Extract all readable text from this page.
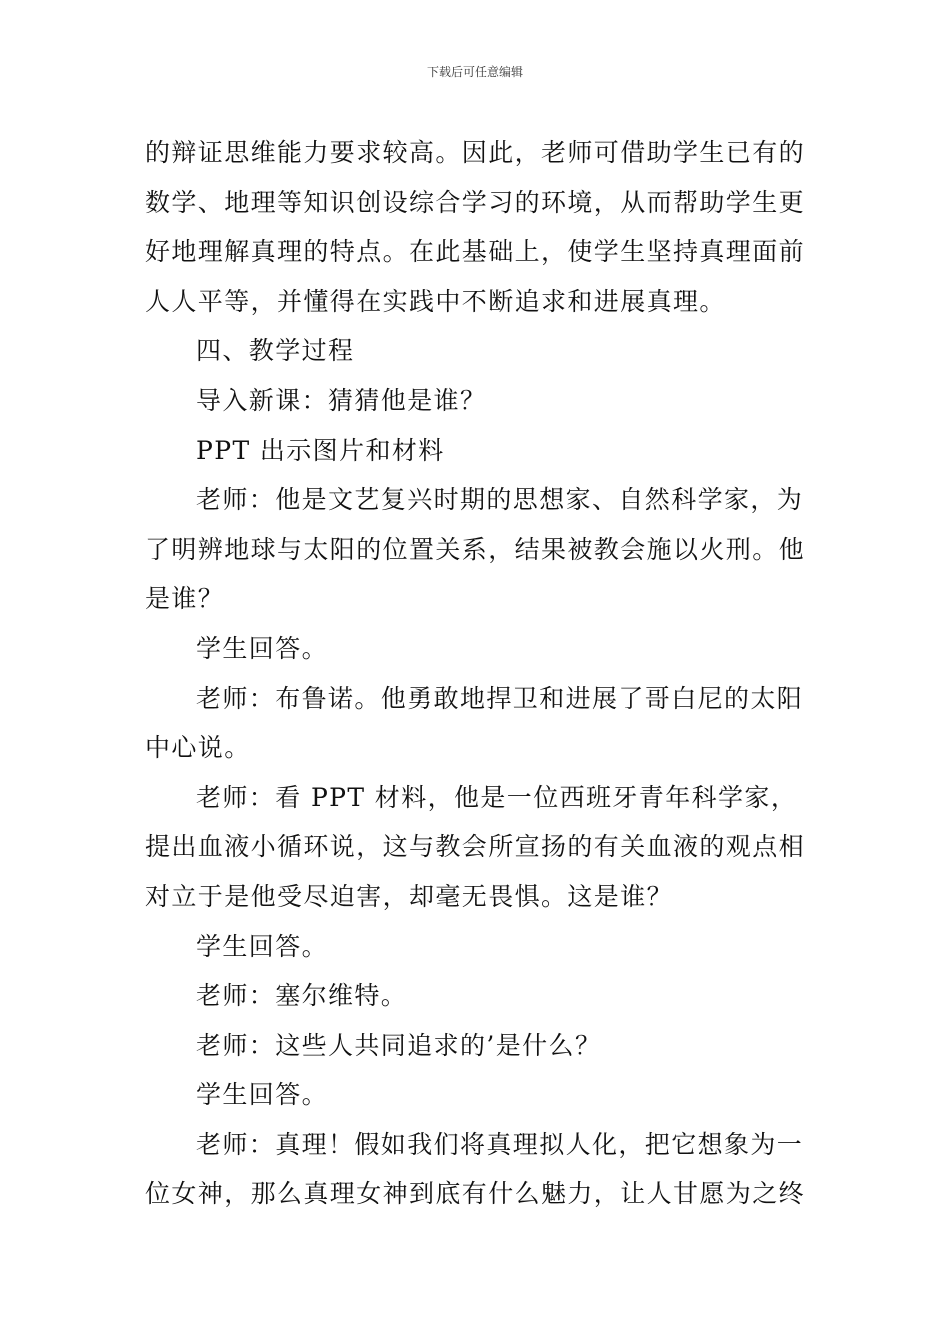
下载后可任意编辑

的辩证思维能力要求较高。因此，老师可借助学生已有的数学、地理等知识创设综合学习的环境，从而帮助学生更好地理解真理的特点。在此基础上，使学生坚持真理面前人人平等，并懂得在实践中不断追求和进展真理。

四、教学过程

导入新课：猜猜他是谁？

PPT 出示图片和材料

老师：他是文艺复兴时期的思想家、自然科学家，为了明辨地球与太阳的位置关系，结果被教会施以火刑。他是谁？

学生回答。

老师：布鲁诺。他勇敢地捍卫和进展了哥白尼的太阳中心说。

老师：看 PPT 材料，他是一位西班牙青年科学家，提出血液小循环说，这与教会所宣扬的有关血液的观点相对立于是他受尽迫害，却毫无畏惧。这是谁？

学生回答。

老师：塞尔维特。

老师：这些人共同追求的’是什么？

学生回答。

老师：真理！假如我们将真理拟人化，把它想象为一位女神，那么真理女神到底有什么魅力，让人甘愿为之终
